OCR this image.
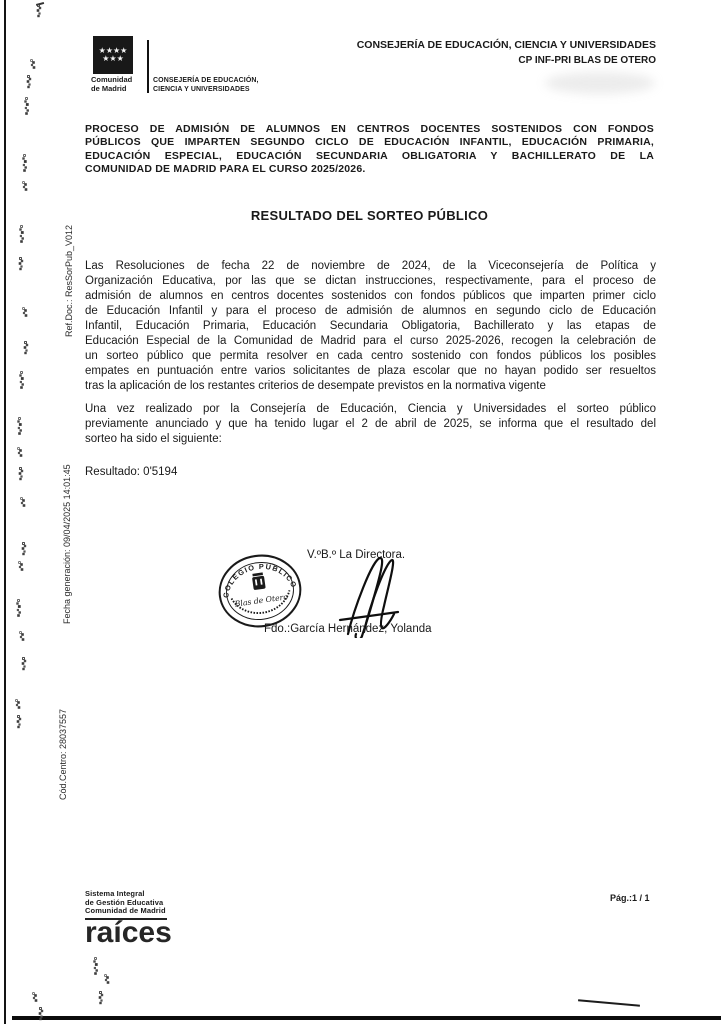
★★★★
★★★
Comunidad
de Madrid
CONSEJERÍA DE EDUCACIÓN,
CIENCIA Y UNIVERSIDADES
CONSEJERÍA DE EDUCACIÓN, CIENCIA Y UNIVERSIDADES
CP INF-PRI BLAS DE OTERO
PROCESO DE ADMISIÓN DE ALUMNOS EN CENTROS DOCENTES SOSTENIDOS CON FONDOS
PÚBLICOS QUE IMPARTEN SEGUNDO CICLO DE EDUCACIÓN INFANTIL, EDUCACIÓN PRIMARIA,
EDUCACIÓN ESPECIAL, EDUCACIÓN SECUNDARIA OBLIGATORIA Y BACHILLERATO DE LA
COMUNIDAD DE MADRID PARA EL CURSO 2025/2026.
RESULTADO DEL SORTEO PÚBLICO
Las Resoluciones de fecha 22 de noviembre de 2024, de la Viceconsejería de Política y
Organización Educativa, por las que se dictan instrucciones, respectivamente, para el proceso de
admisión de alumnos en centros docentes sostenidos con fondos públicos que imparten primer ciclo
de Educación Infantil y para el proceso de admisión de alumnos en segundo ciclo de Educación
Infantil, Educación Primaria, Educación Secundaria Obligatoria, Bachillerato y las etapas de
Educación Especial de la Comunidad de Madrid para el curso 2025-2026, recogen la celebración de
un sorteo público que permita resolver en cada centro sostenido con fondos públicos los posibles
empates en puntuación entre varios solicitantes de plaza escolar que no hayan podido ser resueltos
tras la aplicación de los restantes criterios de desempate previstos en la normativa vigente
Una vez realizado por la Consejería de Educación, Ciencia y Universidades el sorteo público
previamente anunciado y que ha tenido lugar el 2 de abril de 2025, se informa que el resultado del
sorteo ha sido el siguiente:
Resultado: 0'5194
V.ºB.º La Directora.
COLEGIO PUBLICO
Blas de Otero
Fdo.:García Hernández, Yolanda
Ref.Doc.: ResSorPub_V012
Fecha generación: 09/04/2025 14:01:45
Cód.Centro: 28037557
Sistema Integral
de Gestión Educativa
Comunidad de Madrid
raíces
Pág.:1 / 1
